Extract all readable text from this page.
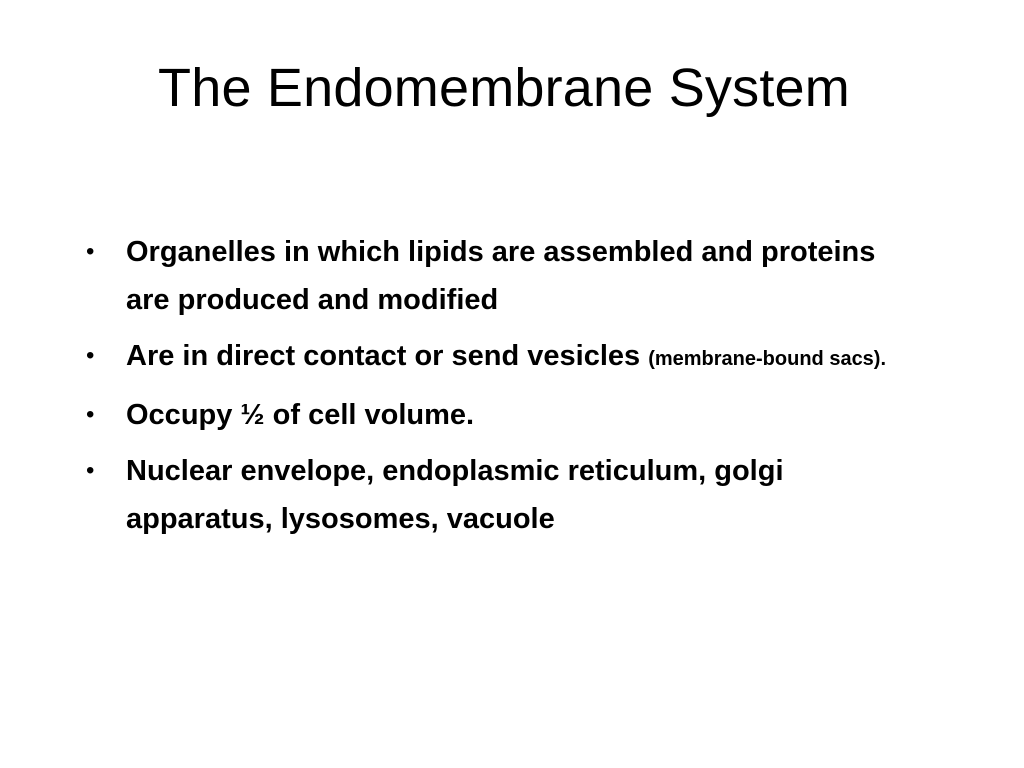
The Endomembrane System
• Organelles in which lipids are assembled and proteins are produced and modified
• Are in direct contact or send vesicles (membrane-bound sacs).
• Occupy ½ of cell volume.
• Nuclear envelope, endoplasmic reticulum, golgi apparatus, lysosomes, vacuole
